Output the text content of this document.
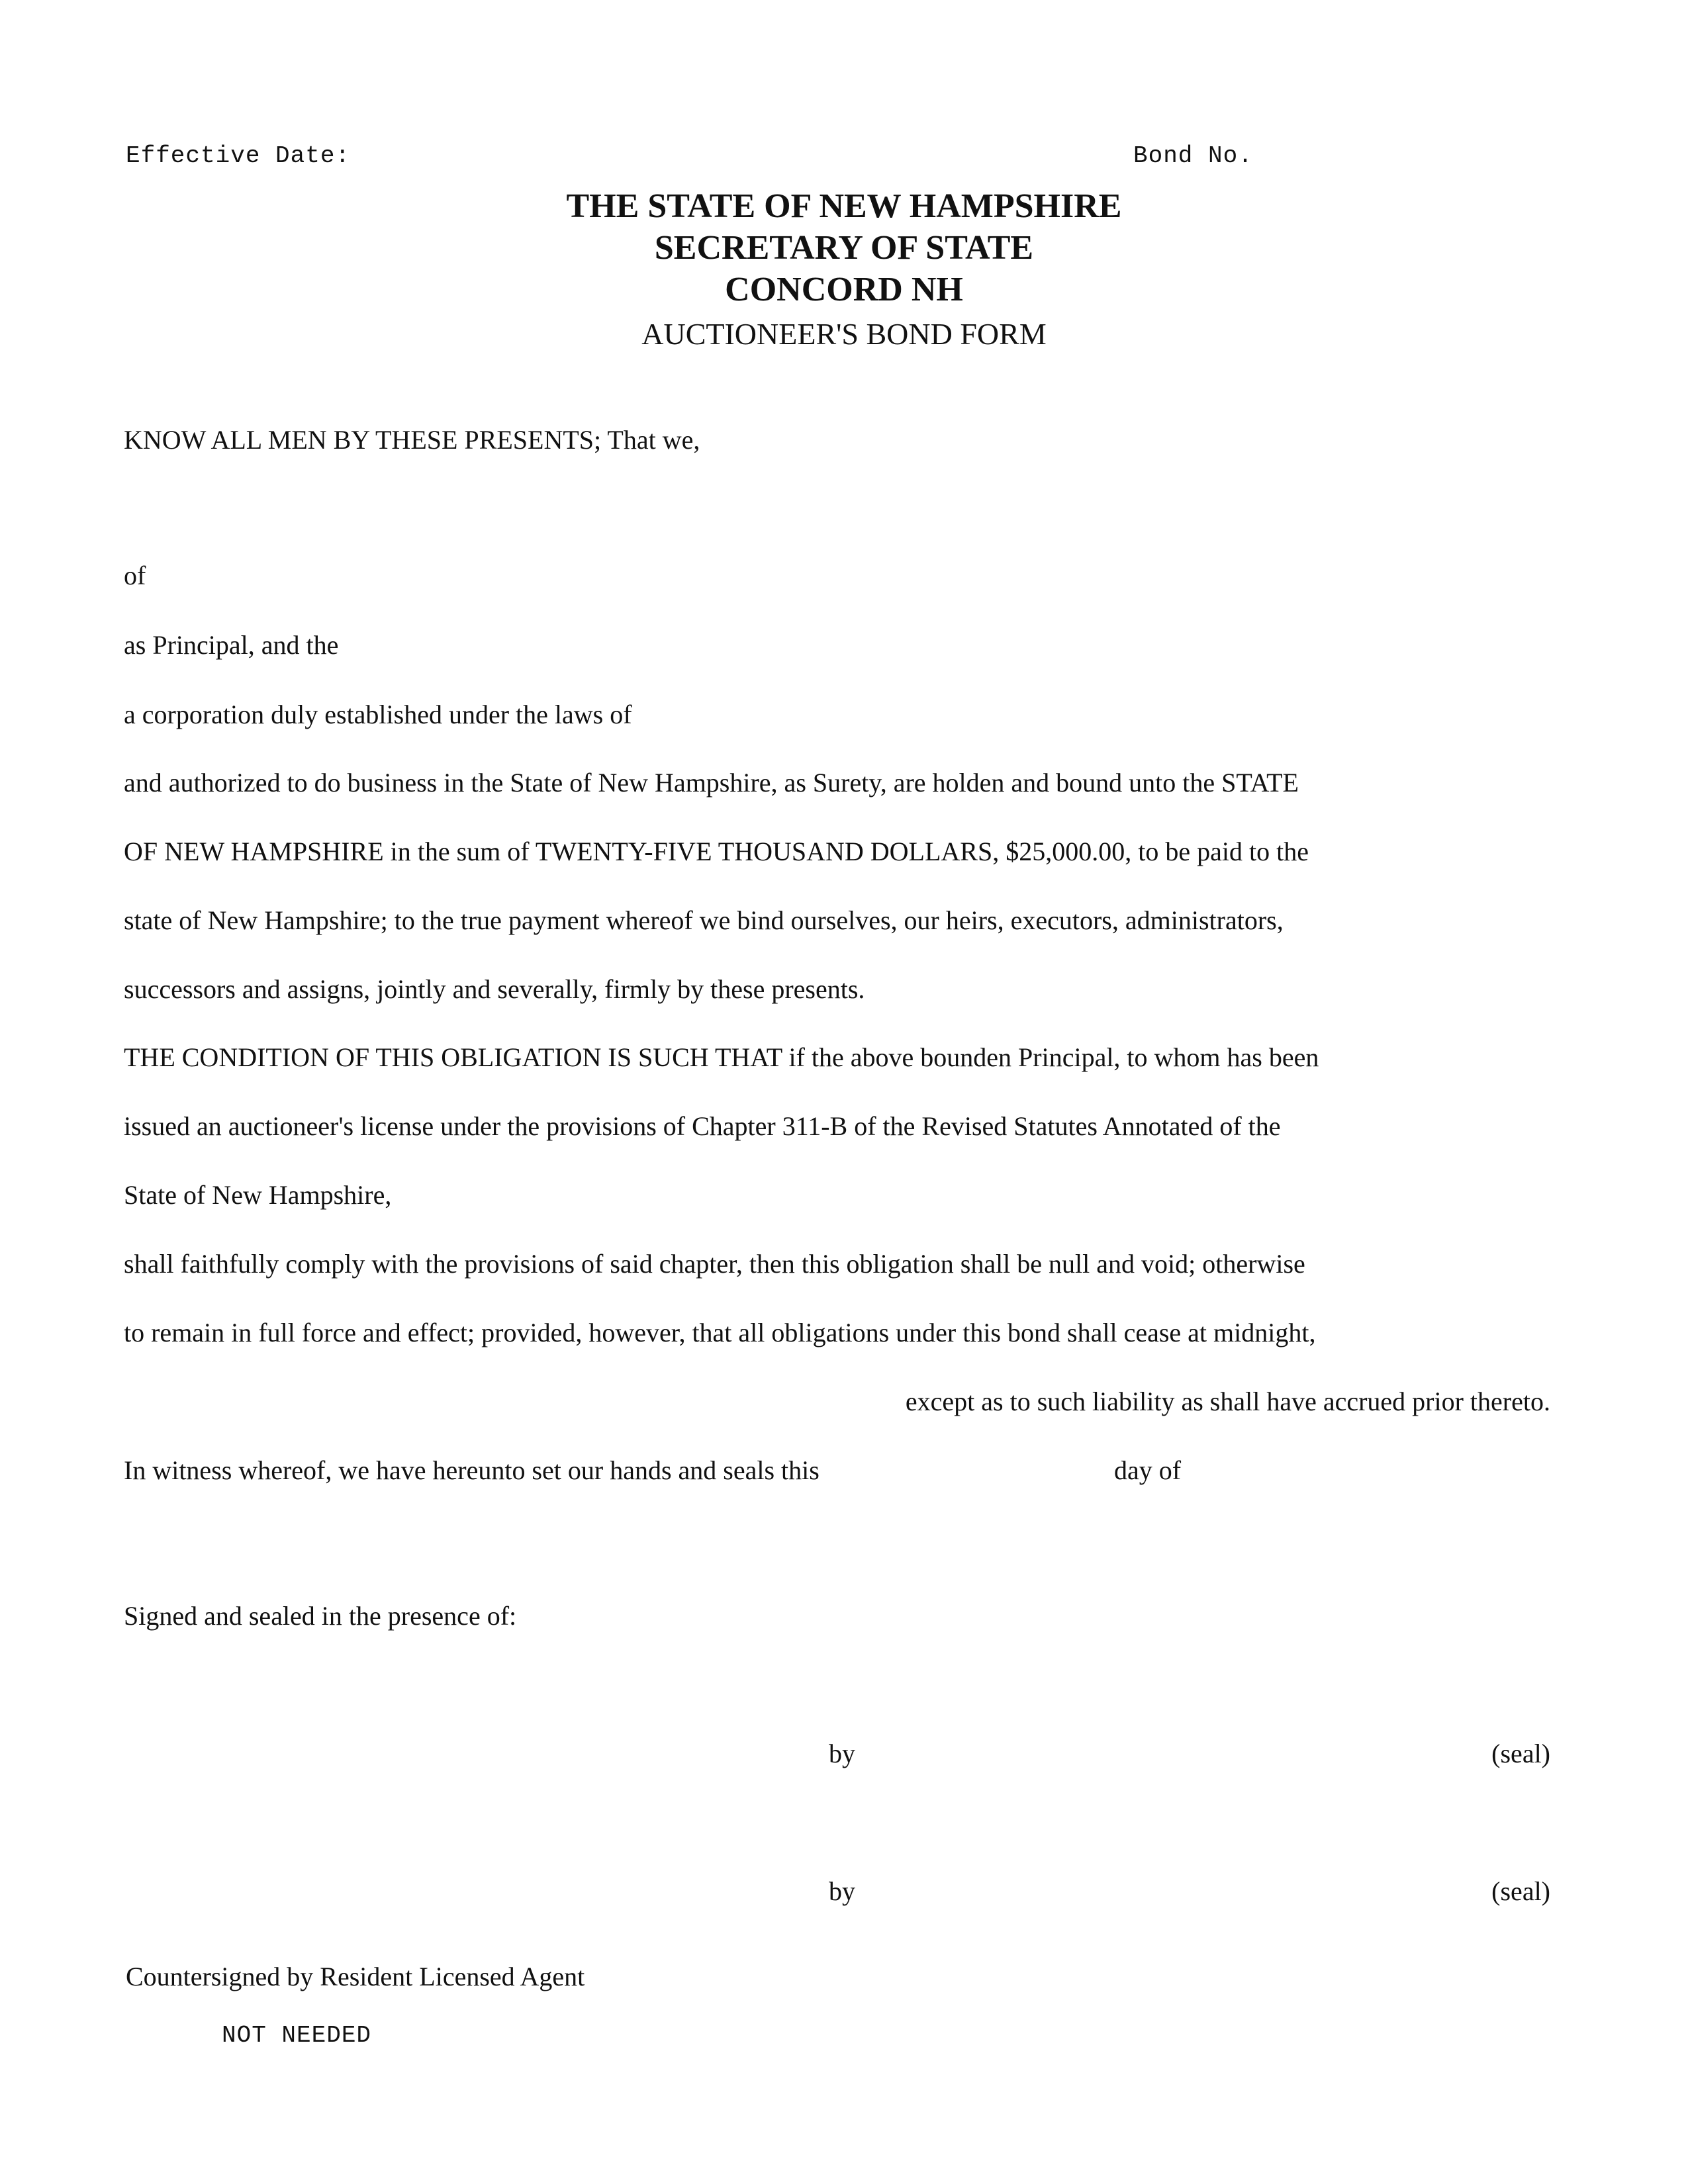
Effective Date:	Bond No.
THE STATE OF NEW HAMPSHIRE
SECRETARY OF STATE
CONCORD NH
AUCTIONEER'S BOND FORM
KNOW ALL MEN BY THESE PRESENTS; That we,
of
as Principal, and the
a corporation duly established under the laws of
and authorized to do business in the State of New Hampshire, as Surety, are holden and bound unto the STATE
OF NEW HAMPSHIRE in the sum of TWENTY-FIVE THOUSAND DOLLARS, $25,000.00, to be paid to the
state of New Hampshire; to the true payment whereof we bind ourselves, our heirs, executors, administrators,
successors and assigns, jointly and severally, firmly by these presents.
THE CONDITION OF THIS OBLIGATION IS SUCH THAT if the above bounden Principal, to whom has been
issued an auctioneer's license under the provisions of Chapter 311-B of the Revised Statutes Annotated of the
State of New Hampshire,
shall faithfully comply with the provisions of said chapter, then this obligation shall be null and void; otherwise
to remain in full force and effect; provided, however, that all obligations under this bond shall cease at midnight,
except as to such liability as shall have accrued prior thereto.
In witness whereof, we have hereunto set our hands and seals this	day of
Signed and sealed in the presence of:
by	(seal)
by	(seal)
Countersigned by Resident Licensed Agent
NOT NEEDED
